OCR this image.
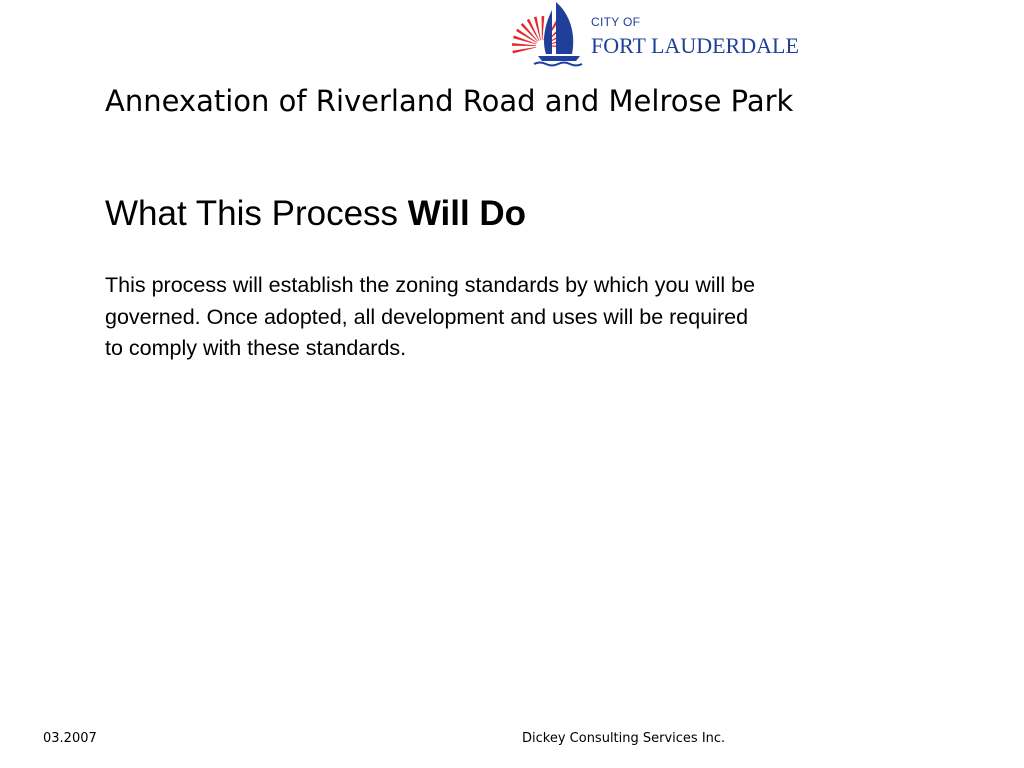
CITY OF
FORT LAUDERDALE
Annexation of Riverland Road and Melrose Park
What This Process Will Do
This process will establish the zoning standards by which you will be
governed. Once adopted, all development and uses will be required
to comply with these standards.
03.2007	Dickey Consulting Services Inc.
